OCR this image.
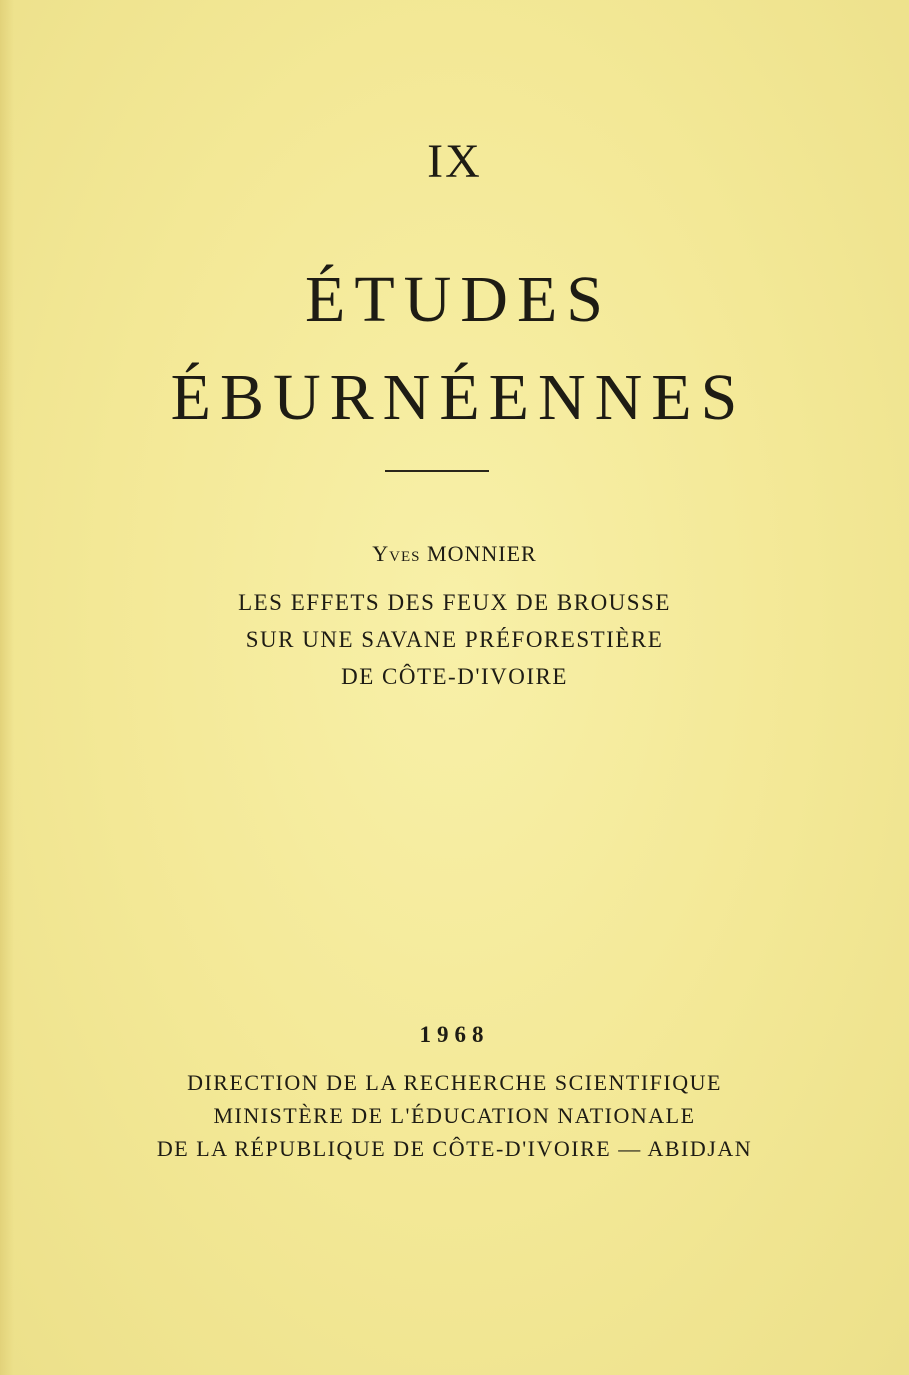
IX
ÉTUDES
ÉBURNÉENNES
Yves MONNIER
LES EFFETS DES FEUX DE BROUSSE
SUR UNE SAVANE PRÉFORESTIÈRE
DE CÔTE-D'IVOIRE
1968
DIRECTION DE LA RECHERCHE SCIENTIFIQUE
MINISTÈRE DE L'ÉDUCATION NATIONALE
DE LA RÉPUBLIQUE DE CÔTE-D'IVOIRE — ABIDJAN
